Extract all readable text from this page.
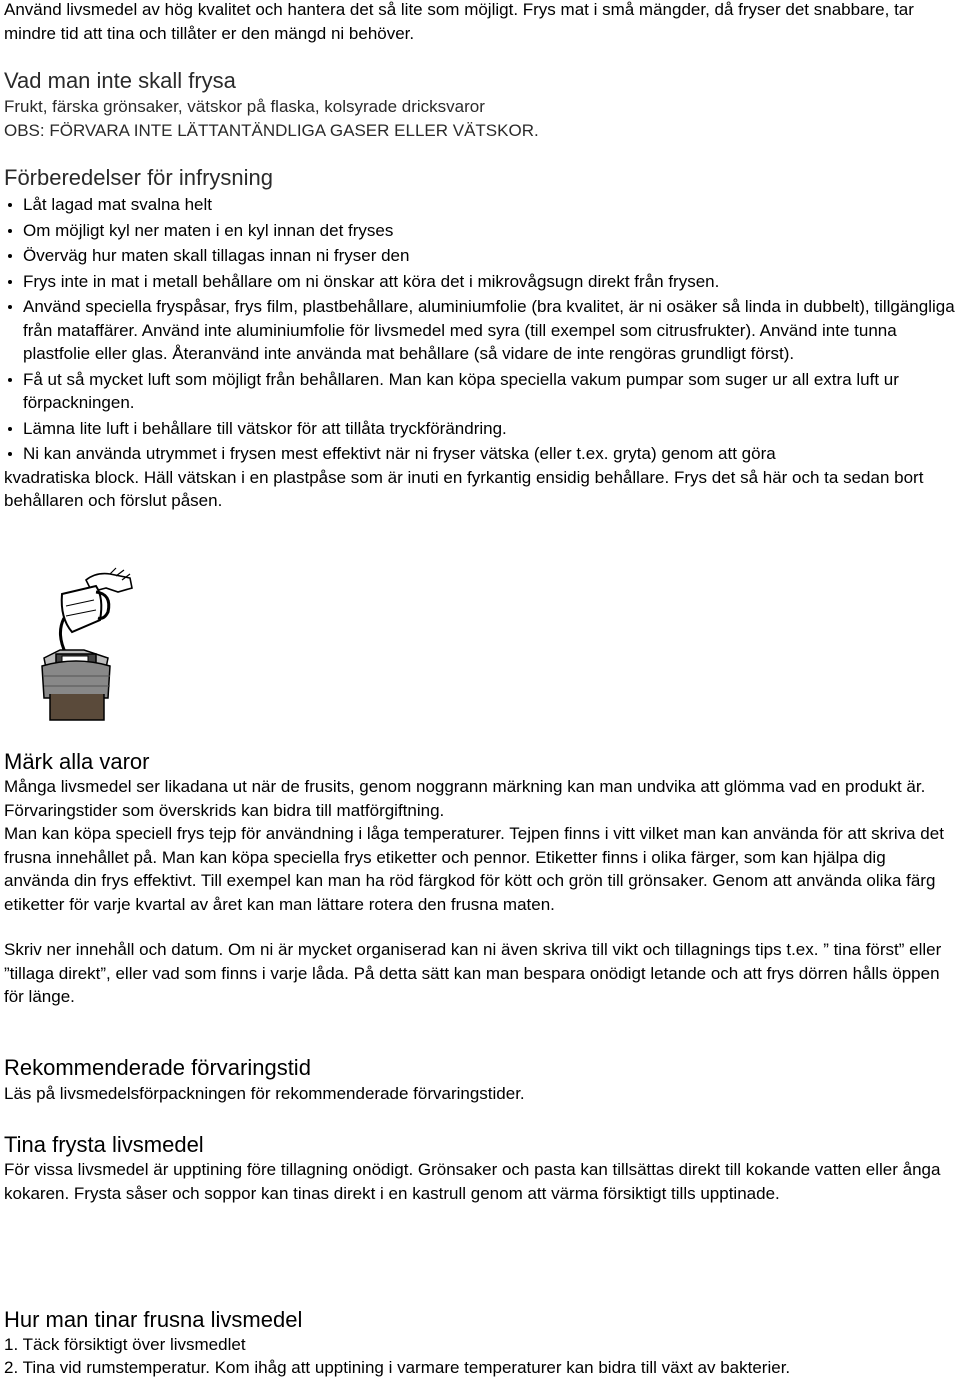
Använd livsmedel av hög kvalitet och hantera det så lite som möjligt. Frys mat i små mängder, då fryser det snabbare, tar mindre tid att tina och tillåter er den mängd ni behöver.

Vad man inte skall frysa

Frukt, färska grönsaker, vätskor på flaska, kolsyrade dricksvaror

OBS: FÖRVARA INTE LÄTTANTÄNDLIGA GASER ELLER VÄTSKOR.

Förberedelser för infrysning
Låt lagad mat svalna helt
Om möjligt kyl ner maten i en kyl innan det fryses
Överväg hur maten skall tillagas innan ni fryser den
Frys inte in mat i metall behållare om ni önskar att köra det i mikrovågsugn direkt från frysen.
Använd speciella fryspåsar, frys film, plastbehållare, aluminiumfolie (bra kvalitet, är ni osäker så linda in dubbelt), tillgängliga från mataffärer. Använd inte aluminiumfolie för livsmedel med syra (till exempel som citrusfrukter). Använd inte tunna plastfolie eller glas. Återanvänd inte använda mat behållare (så vidare de inte rengöras grundligt först).
Få ut så mycket luft som möjligt från behållaren. Man kan köpa speciella vakum pumpar som suger ur all extra luft ur förpackningen.
Lämna lite luft i behållare till vätskor för att tillåta tryckförändring.
Ni kan använda utrymmet i frysen mest effektivt när ni fryser vätska (eller t.ex. gryta) genom att göra
kvadratiska block. Häll vätskan i en plastpåse som är inuti en fyrkantig ensidig behållare. Frys det så här och ta sedan bort behållaren och förslut påsen.
Märk alla varor

Många livsmedel ser likadana ut när de frusits, genom noggrann märkning kan man undvika att glömma vad en produkt är. Förvaringstider som överskrids kan bidra till matförgiftning.

Man kan köpa speciell frys tejp för användning i låga temperaturer. Tejpen finns i vitt vilket man kan använda för att skriva det frusna innehållet på. Man kan köpa speciella frys etiketter och pennor. Etiketter finns i olika färger, som kan hjälpa dig använda din frys effektivt. Till exempel kan man ha röd färgkod för kött och grön till grönsaker. Genom att använda olika färg etiketter för varje kvartal av året kan man lättare rotera den frusna maten.

Skriv ner innehåll och datum. Om ni är mycket organiserad kan ni även skriva till vikt och tillagnings tips t.ex. ” tina först” eller ”tillaga direkt”, eller vad som finns i varje låda. På detta sätt kan man bespara onödigt letande och att frys dörren hålls öppen för länge.

Rekommenderade förvaringstid

Läs på livsmedelsförpackningen för rekommenderade förvaringstider.

Tina frysta livsmedel

För vissa livsmedel är upptining före tillagning onödigt. Grönsaker och pasta kan tillsättas direkt till kokande vatten eller ånga kokaren. Frysta såser och soppor kan tinas direkt i en kastrull genom att värma försiktigt tills upptinade.

Hur man tinar frusna livsmedel

1. Täck försiktigt över livsmedlet

2. Tina vid rumstemperatur. Kom ihåg att upptining i varmare temperaturer kan bidra till växt av bakterier.
